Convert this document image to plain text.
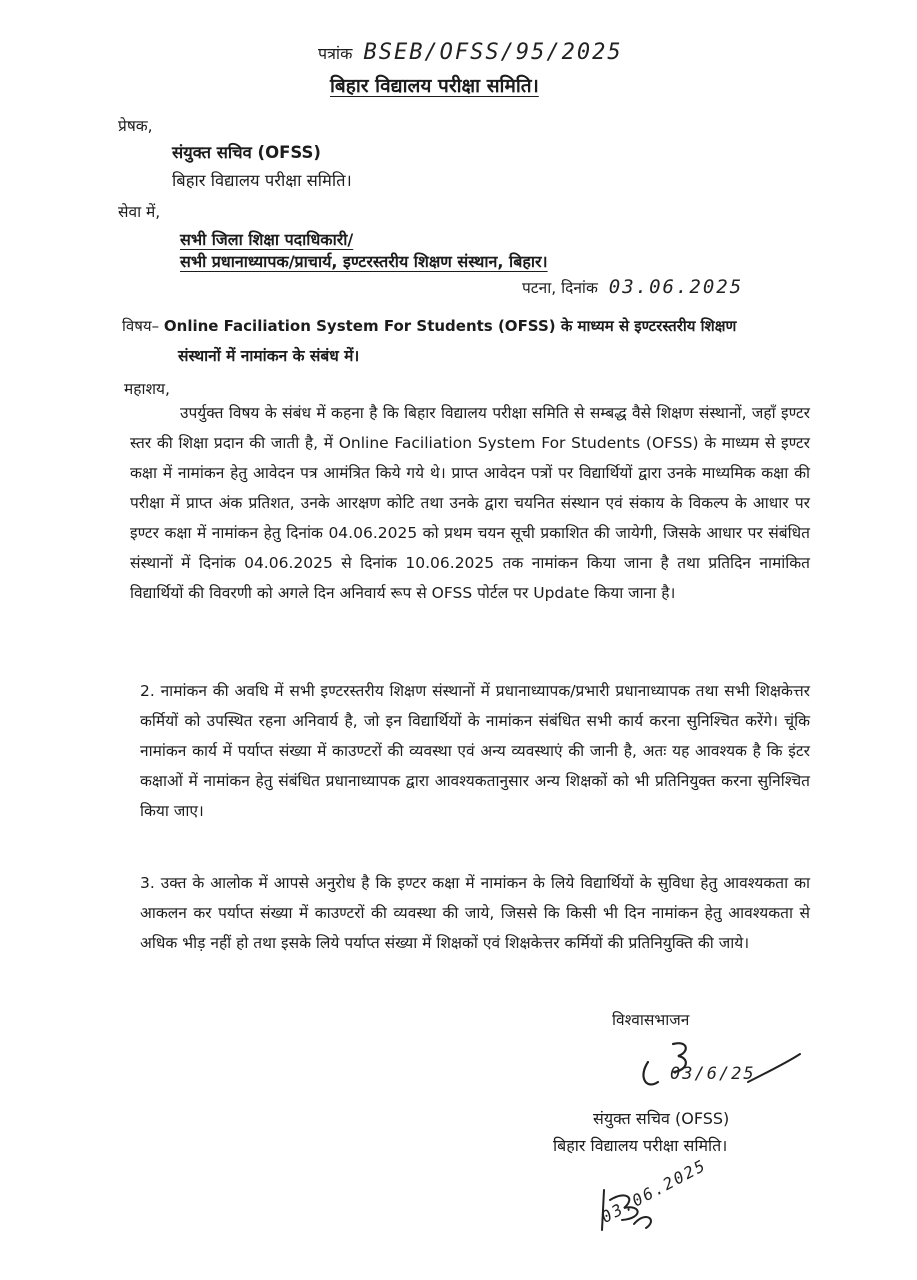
पत्रांक BSEB/OFSS/95/2025
बिहार विद्यालय परीक्षा समिति।
प्रेषक,
संयुक्त सचिव (OFSS)
बिहार विद्यालय परीक्षा समिति।
सेवा में,
सभी जिला शिक्षा पदाधिकारी/
सभी प्रधानाध्यापक/प्राचार्य, इण्टरस्तरीय शिक्षण संस्थान, बिहार।
पटना, दिनांक 03.06.2025
विषय– Online Faciliation System For Students (OFSS) के माध्यम से इण्टरस्तरीय शिक्षण
संस्थानों में नामांकन के संबंध में।
महाशय,
उपर्युक्त विषय के संबंध में कहना है कि बिहार विद्यालय परीक्षा समिति से सम्बद्ध वैसे शिक्षण संस्थानों, जहाँ इण्टर स्तर की शिक्षा प्रदान की जाती है, में Online Faciliation System For Students (OFSS) के माध्यम से इण्टर कक्षा में नामांकन हेतु आवेदन पत्र आमंत्रित किये गये थे। प्राप्त आवेदन पत्रों पर विद्यार्थियों द्वारा उनके माध्यमिक कक्षा की परीक्षा में प्राप्त अंक प्रतिशत, उनके आरक्षण कोटि तथा उनके द्वारा चयनित संस्थान एवं संकाय के विकल्प के आधार पर इण्टर कक्षा में नामांकन हेतु दिनांक 04.06.2025 को प्रथम चयन सूची प्रकाशित की जायेगी, जिसके आधार पर संबंधित संस्थानों में दिनांक 04.06.2025 से दिनांक 10.06.2025 तक नामांकन किया जाना है तथा प्रतिदिन नामांकित विद्यार्थियों की विवरणी को अगले दिन अनिवार्य रूप से OFSS पोर्टल पर Update किया जाना है।
2. नामांकन की अवधि में सभी इण्टरस्तरीय शिक्षण संस्थानों में प्रधानाध्यापक/प्रभारी प्रधानाध्यापक तथा सभी शिक्षकेत्तर कर्मियों को उपस्थित रहना अनिवार्य है, जो इन विद्यार्थियों के नामांकन संबंधित सभी कार्य करना सुनिश्चित करेंगे। चूंकि नामांकन कार्य में पर्याप्त संख्या में काउण्टरों की व्यवस्था एवं अन्य व्यवस्थाएं की जानी है, अतः यह आवश्यक है कि इंटर कक्षाओं में नामांकन हेतु संबंधित प्रधानाध्यापक द्वारा आवश्यकतानुसार अन्य शिक्षकों को भी प्रतिनियुक्त करना सुनिश्चित किया जाए।
3. उक्त के आलोक में आपसे अनुरोध है कि इण्टर कक्षा में नामांकन के लिये विद्यार्थियों के सुविधा हेतु आवश्यकता का आकलन कर पर्याप्त संख्या में काउण्टरों की व्यवस्था की जाये, जिससे कि किसी भी दिन नामांकन हेतु आवश्यकता से अधिक भीड़ नहीं हो तथा इसके लिये पर्याप्त संख्या में शिक्षकों एवं शिक्षकेत्तर कर्मियों की प्रतिनियुक्ति की जाये।
विश्वासभाजन
03/6/25
संयुक्त सचिव (OFSS)
बिहार विद्यालय परीक्षा समिति।
03.06.2025
